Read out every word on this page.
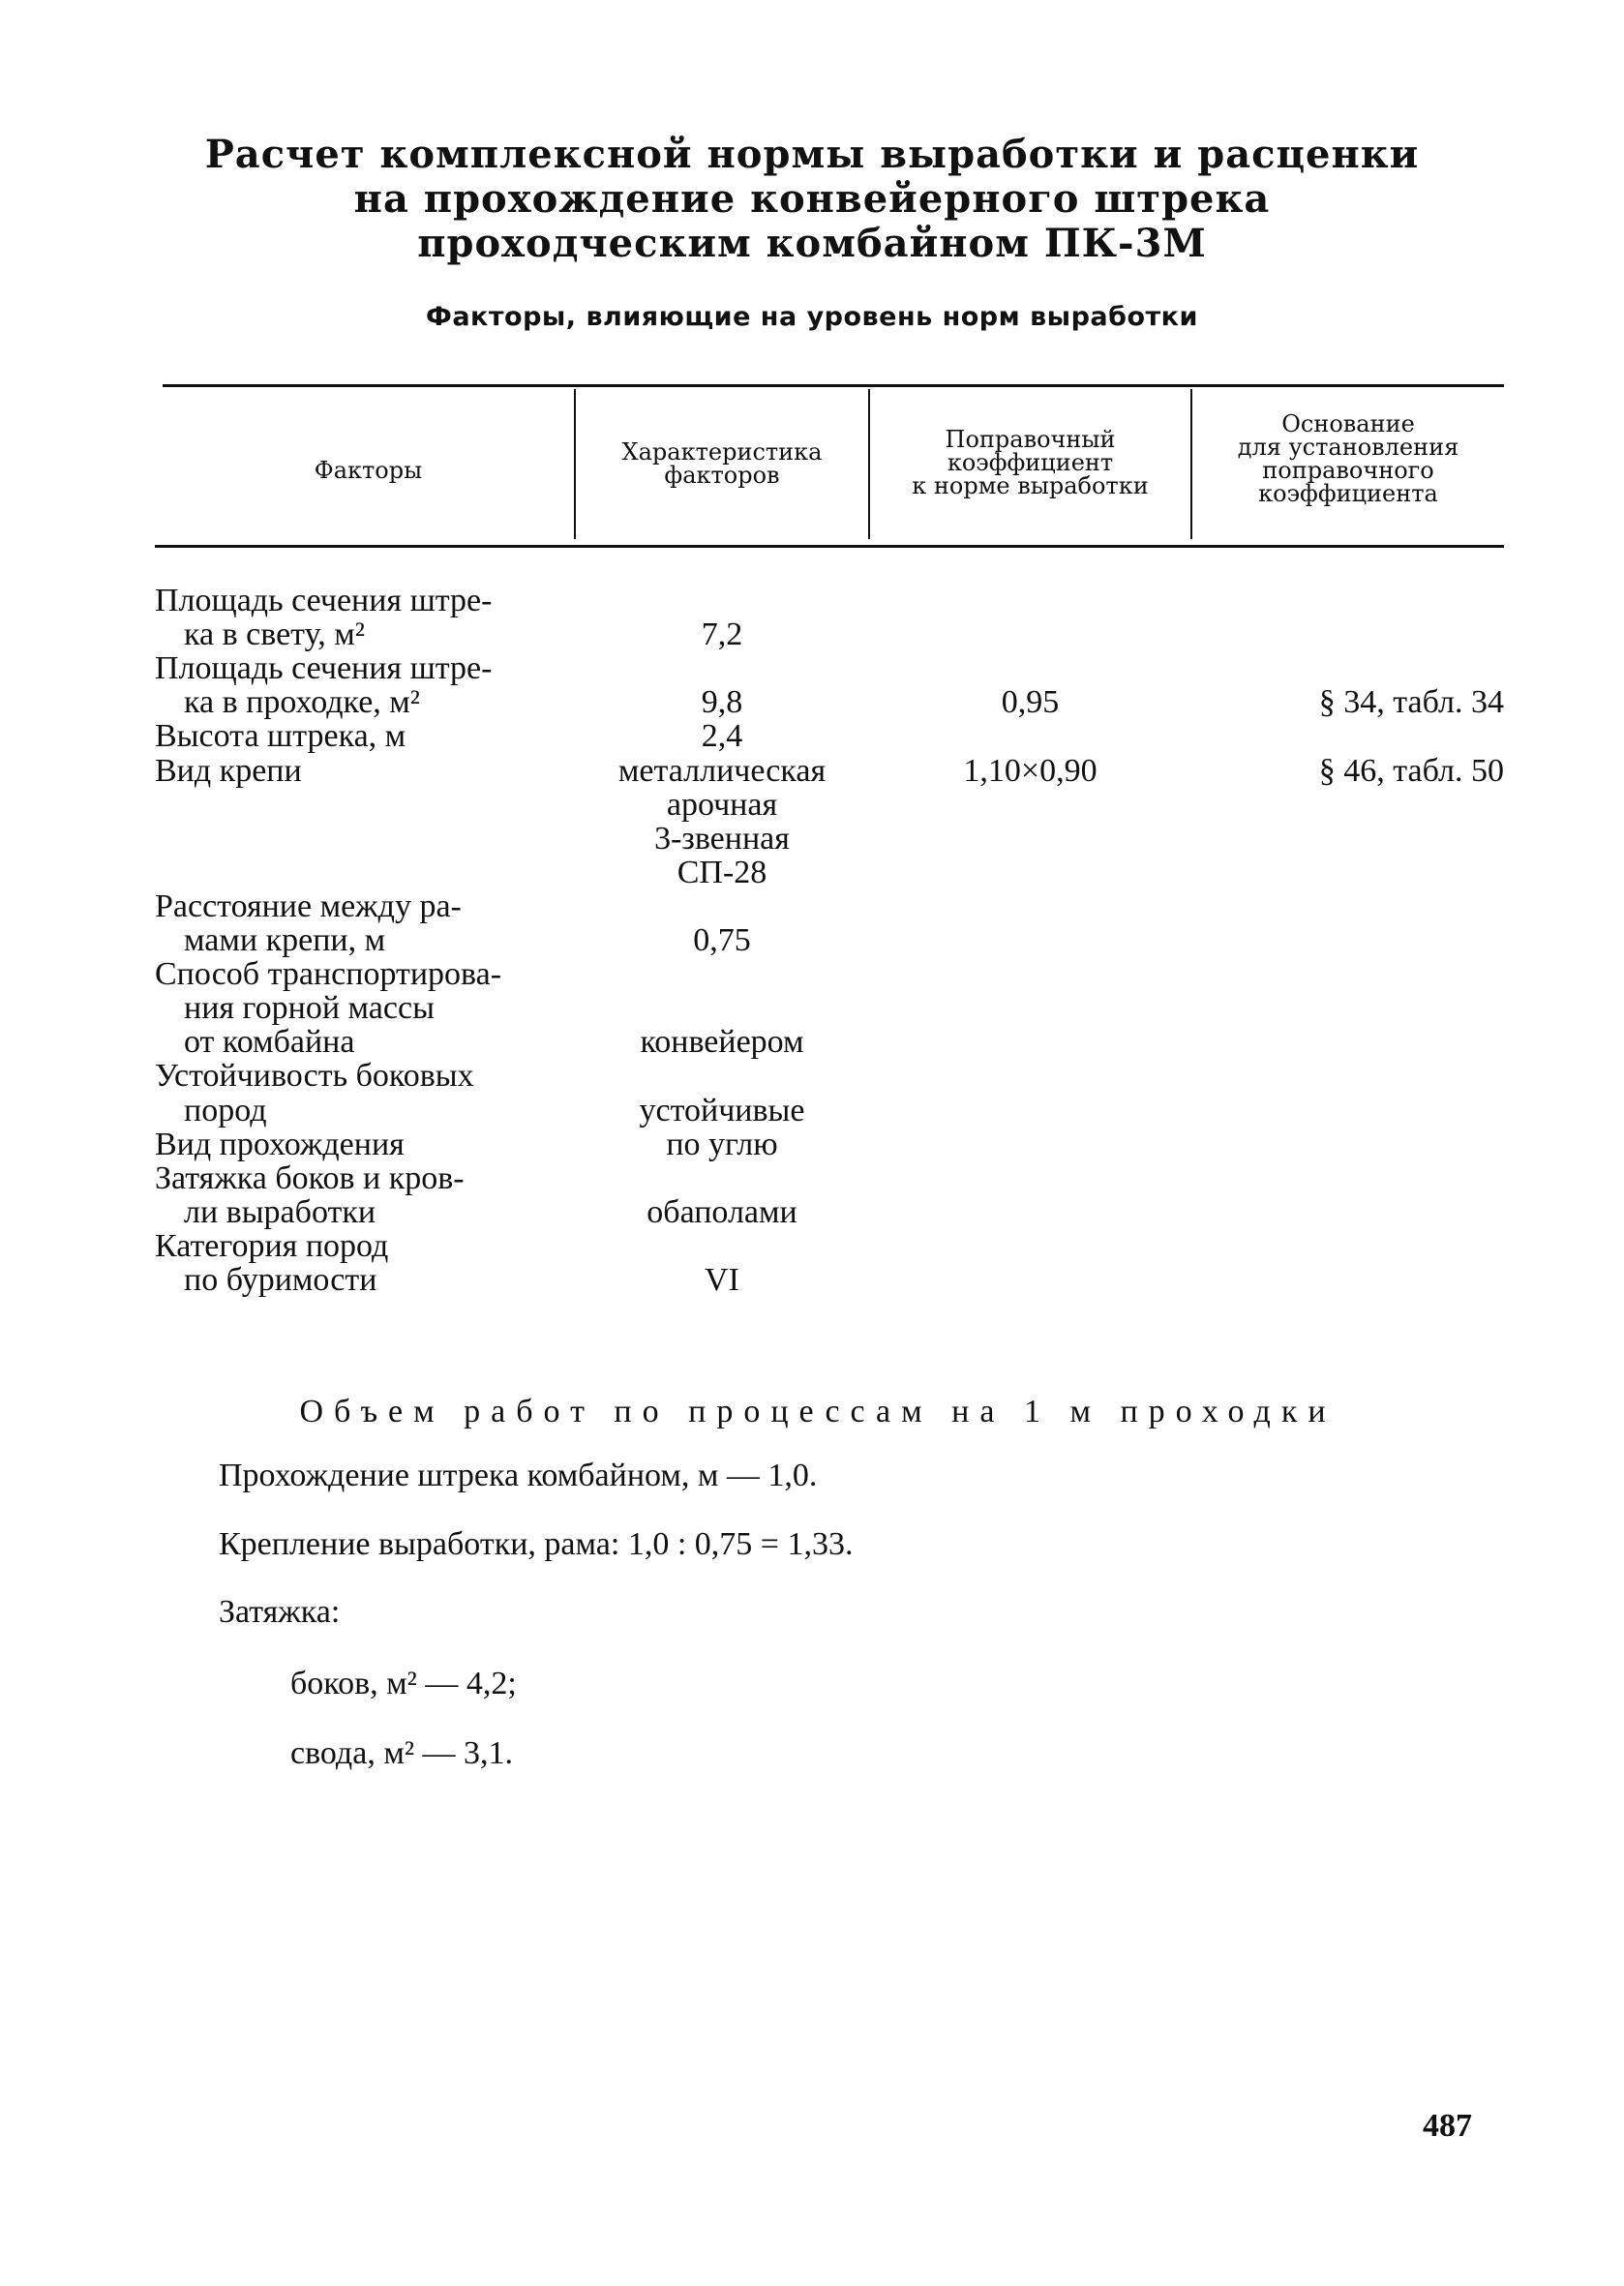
Расчет комплексной нормы выработки и расценки
на прохождение конвейерного штрека
проходческим комбайном ПК-3М
Факторы, влияющие на уровень норм выработки
Факторы
Характеристика
факторов
Поправочный
коэффициент
к норме выработки
Основание
для установления
поправочного
коэффициента
Площадь сечения штре-
ка в свету, м²
Площадь сечения штре-
ка в проходке, м²
Высота штрека, м
Вид крепи
Расстояние между ра-
мами крепи, м
Способ транспортирова-
ния горной массы
от комбайна
Устойчивость боковых
пород
Вид прохождения
Затяжка боков и кров-
ли выработки
Категория пород
по буримости
7,2
9,8
2,4
металлическая
арочная
3-звенная
СП-28
0,75
конвейером
устойчивые
по углю
обаполами
VI
0,95
1,10×0,90
§ 34, табл. 34
§ 46, табл. 50
Объем работ по процессам на 1 м проходки
Прохождение штрека комбайном, м — 1,0.
Крепление выработки, рама: 1,0 : 0,75 = 1,33.
Затяжка:
боков, м² — 4,2;
свода, м² — 3,1.
487
